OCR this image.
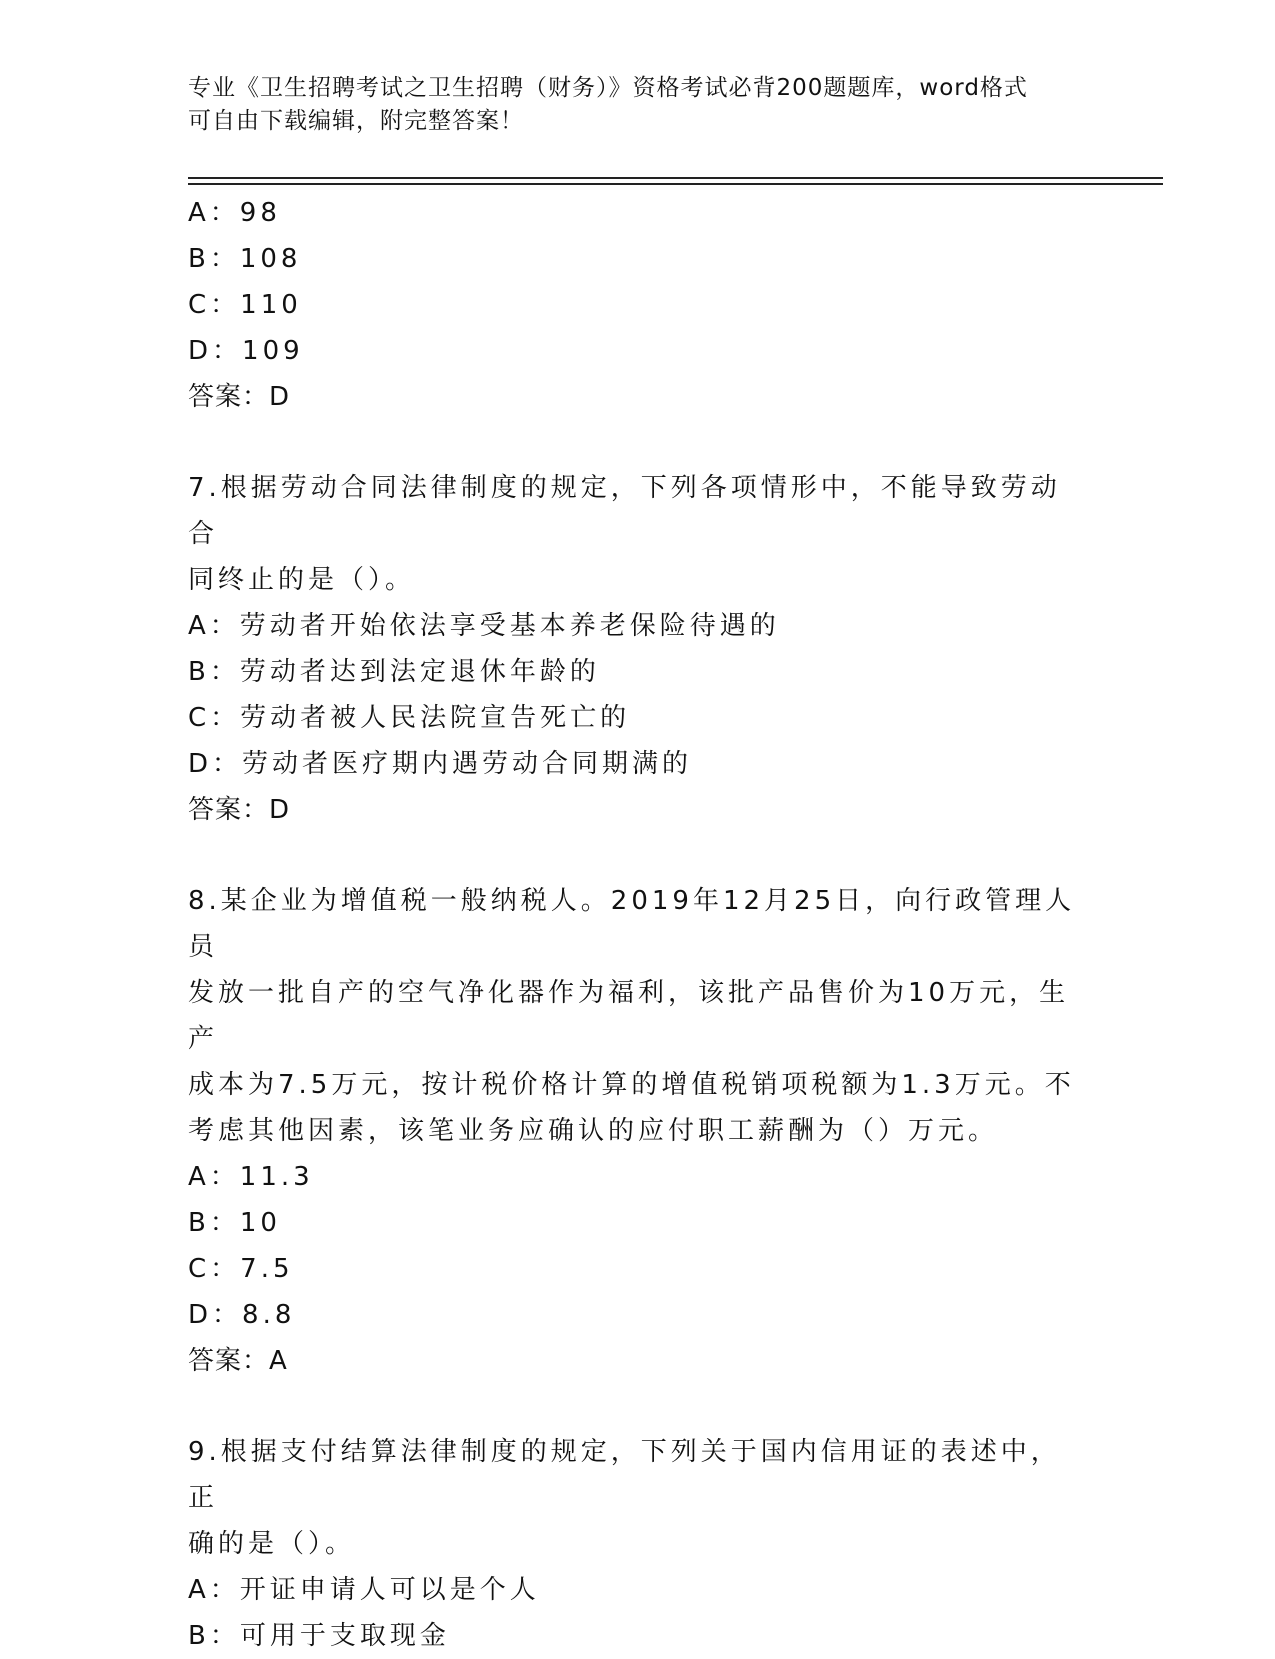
专业《卫生招聘考试之卫生招聘（财务）》资格考试必背200题题库，word格式
可自由下载编辑，附完整答案！
A：98
B：108
C：110
D：109
答案：D
7.根据劳动合同法律制度的规定，下列各项情形中，不能导致劳动合
同终止的是（）。
A：劳动者开始依法享受基本养老保险待遇的
B：劳动者达到法定退休年龄的
C：劳动者被人民法院宣告死亡的
D：劳动者医疗期内遇劳动合同期满的
答案：D
8.某企业为增值税一般纳税人。2019年12月25日，向行政管理人员
发放一批自产的空气净化器作为福利，该批产品售价为10万元，生产
成本为7.5万元，按计税价格计算的增值税销项税额为1.3万元。不
考虑其他因素，该笔业务应确认的应付职工薪酬为（）万元。
A：11.3
B：10
C：7.5
D：8.8
答案：A
9.根据支付结算法律制度的规定，下列关于国内信用证的表述中，正
确的是（）。
A：开证申请人可以是个人
B：可用于支取现金
